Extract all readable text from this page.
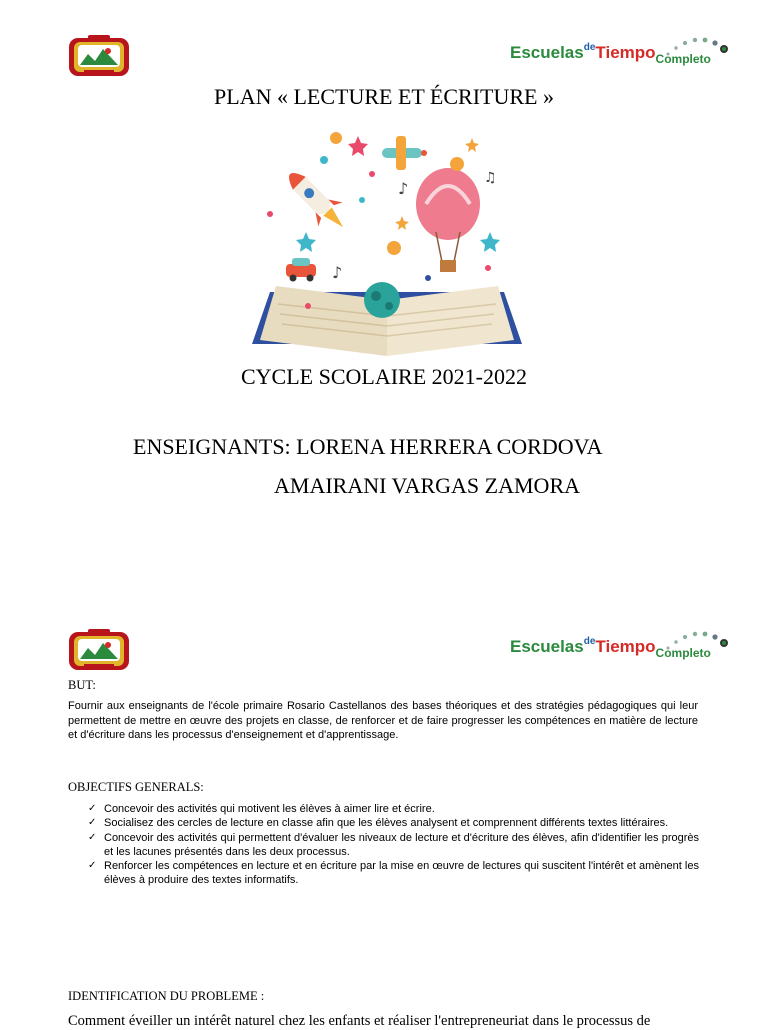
Escuelas$^{de}$Tiempo$_{Completo}$
PLAN « LECTURE ET ÉCRITURE »
♪
♪
♫
CYCLE SCOLAIRE 2021-2022
ENSEIGNANTS: LORENA HERRERA CORDOVA
AMAIRANI VARGAS ZAMORA
Escuelas$^{de}$Tiempo$_{Completo}$
BUT:
Fournir aux enseignants de l'école primaire Rosario Castellanos des bases théoriques et des stratégies pédagogiques qui leur permettent de mettre en œuvre des projets en classe, de renforcer et de faire progresser les compétences en matière de lecture et d'écriture dans les processus d'enseignement et d'apprentissage.
OBJECTIFS GENERALS:
✓ Concevoir des activités qui motivent les élèves à aimer lire et écrire.
✓ Socialisez des cercles de lecture en classe afin que les élèves analysent et comprennent différents textes littéraires.
✓ Concevoir des activités qui permettent d'évaluer les niveaux de lecture et d'écriture des élèves, afin d'identifier les progrès et les lacunes présentés dans les deux processus.
✓ Renforcer les compétences en lecture et en écriture par la mise en œuvre de lectures qui suscitent l'intérêt et amènent les élèves à produire des textes informatifs.
IDENTIFICATION DU PROBLEME :
Comment éveiller un intérêt naturel chez les enfants et réaliser l'entrepreneuriat dans le processus de
